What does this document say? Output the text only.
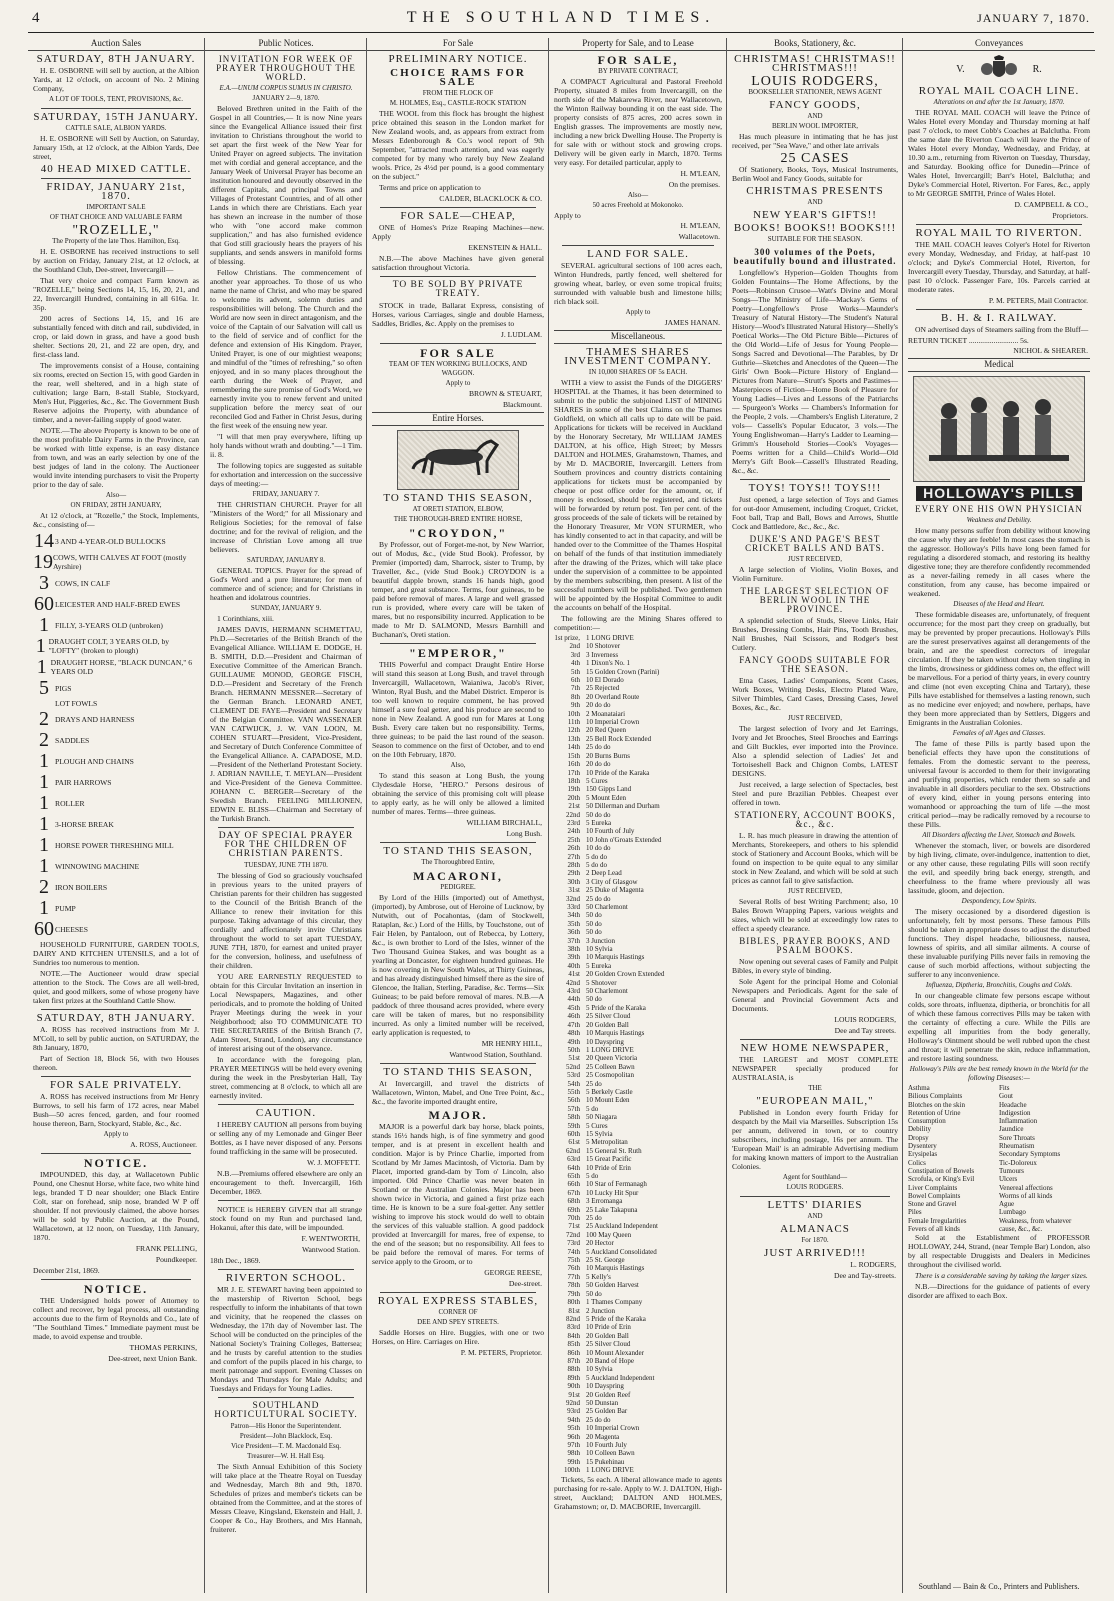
4	THE SOUTHLAND TIMES.	JANUARY 7, 1870.
Auction Sales
SATURDAY, 8TH JANUARY.

H. E. OSBORNE will sell by auction, at the Albion Yards, at 12 o'clock, on account of No. 2 Mining Company,

A LOT OF TOOLS, TENT, PROVISIONS, &c.
SATURDAY, 15TH JANUARY.
CATTLE SALE, ALBION YARDS.

H. E. OSBORNE will Sell by Auction, on Saturday, January 15th, at 12 o'clock, at the Albion Yards, Dee street,

40 HEAD MIXED CATTLE.
FRIDAY, JANUARY 21st, 1870.
IMPORTANT SALE
OF THAT CHOICE AND VALUABLE FARM
"ROZELLE,"
The Property of the late Thos. Hamilton, Esq.

H. E. OSBORNE has received instructions to sell by auction on Friday, January 21st, at 12 o'clock, at the Southland Club, Dee-street, Invercargill—

That very choice and compact Farm known as "ROZELLE," being Sections 14, 15, 16, 20, 21, and 22, Invercargill Hundred, containing in all 616a. 1r. 35p.

200 acres of Sections 14, 15, and 16 are substantially fenced with ditch and rail, subdivided, in crop, or laid down in grass, and have a good bush shelter. Sections 20, 21, and 22 are open, dry, and first-class land.

The improvements consist of a House, containing six rooms, erected on Section 15, with good Garden in the rear, well sheltered, and in a high state of cultivation; large Barn, 8-stall Stable, Stockyard, Men's Hut, Piggeries, &c., &c. The Government Bush Reserve adjoins the Property, with abundance of timber, and a never-failing supply of good water.

NOTE.—The above Property is known to be one of the most profitable Dairy Farms in the Province, can be worked with little expense, is an easy distance from town, and was an early selection by one of the best judges of land in the colony. The Auctioneer would invite intending purchasers to visit the Property prior to the day of sale.

Also—
ON FRIDAY, 28TH JANUARY,

At 12 o'clock, at "Rozelle," the Stock, Implements, &c., consisting of—

14 3 AND 4-YEAR-OLD BULLOCKS
19 COWS, WITH CALVES AT FOOT (mostly Ayrshire)
3 COWS, IN CALF
60 LEICESTER AND HALF-BRED EWES
1 FILLY, 3-YEARS OLD (unbroken)
1 DRAUGHT COLT, 3 YEARS OLD, by "LOFTY" (broken to plough)
1 DRAUGHT HORSE, "BLACK DUNCAN," 6 YEARS OLD
5 PIGS
LOT FOWLS
2 DRAYS AND HARNESS
2 SADDLES
1 PLOUGH AND CHAINS
1 PAIR HARROWS
1 ROLLER
1 3-HORSE BREAK
1 HORSE POWER THRESHING MILL
1 WINNOWING MACHINE
2 IRON BOILERS
1 PUMP
60 CHEESES

HOUSEHOLD FURNITURE, GARDEN TOOLS, DAIRY AND KITCHEN UTENSILS, and a lot of Sundries too numerous to mention.

NOTE.—The Auctioneer would draw special attention to the Stock. The Cows are all well-bred, quiet, and good milkers, some of whose progeny have taken first prizes at the Southland Cattle Show.

SATURDAY, 8TH JANUARY.

A. ROSS has received instructions from Mr J. M'Coll, to sell by public auction, on SATURDAY, the 8th January, 1870,

Part of Section 18, Block 56, with two Houses thereon.

FOR SALE PRIVATELY.

A. ROSS has received instructions from Mr Henry Burrows, to sell his farm of 172 acres, near Mabel Bush—50 acres fenced, garden, and four roomed house thereon, Barn, Stockyard, Stable, &c., &c.

Apply to
A. ROSS, Auctioneer.
NOTICE.

IMPOUNDED, this day, at Wallacetown Public Pound, one Chesnut Horse, white face, two white hind legs, branded T D near shoulder; one Black Entire Colt, star on forehead, snip nose, branded W P off shoulder. If not previously claimed, the above horses will be sold by Public Auction, at the Pound, Wallacetown, at 12 noon, on Tuesday, 11th January, 1870.

FRANK PELLING,
Poundkeeper.
December 21st, 1869.
NOTICE.

THE Undersigned holds power of Attorney to collect and recover, by legal process, all outstanding accounts due to the firm of Reynolds and Co., late of "The Southland Times." Immediate payment must be made, to avoid expense and trouble.

THOMAS PERKINS,
Dee-street, next Union Bank.
Public Notices.
INVITATION FOR WEEK OF PRAYER THROUGHOUT THE WORLD.
E.A.—UNUM CORPUS SUMUS IN CHRISTO.
JANUARY 2—9, 1870.

Beloved Brethren united in the Faith of the Gospel in all Countries,— It is now Nine years since the Evangelical Alliance issued their first invitation to Christians throughout the world to set apart the first week of the New Year for United Prayer on agreed subjects. The invitation met with cordial and general acceptance, and the January Week of Universal Prayer has become an institution honoured and devoutly observed in the different Capitals, and principal Towns and Villages of Protestant Countries, and of all other Lands in which there are Christians. Each year has shewn an increase in the number of those who with "one accord make common supplication," and has also furnished evidence that God still graciously hears the prayers of his suppliants, and sends answers in manifold forms of blessing.

Fellow Christians. The commencement of another year approaches. To those of us who name the name of Christ, and who may be spared to welcome its advent, solemn duties and responsibilities will belong. The Church and the World are now seen in direct antagonism, and the voice of the Captain of our Salvation will call us to the field of service and of conflict for the defence and extension of His Kingdom. Prayer, United Prayer, is one of our mightiest weapons; and mindful of the "times of refreshing," so often enjoyed, and in so many places throughout the earth during the Week of Prayer, and remembering the sure promise of God's Word, we earnestly invite you to renew fervent and united supplication before the mercy seat of our reconciled God and Father in Christ Jesus, during the first week of the ensuing new year.

"I will that men pray everywhere, lifting up holy hands without wrath and doubting."—1 Tim. ii. 8.

The following topics are suggested as suitable for exhortation and intercession on the successive days of meeting:—

FRIDAY, JANUARY 7.

THE CHRISTIAN CHURCH. Prayer for all "Ministers of the Word;" for all Missionary and Religious Societies; for the removal of false doctrine; and for the revival of religion, and the increase of Christian Love among all true believers.

SATURDAY, JANUARY 8.

GENERAL TOPICS. Prayer for the spread of God's Word and a pure literature; for men of commerce and of science; and for Christians in heathen and idolatrous countries.

SUNDAY, JANUARY 9.

1 Corinthians, xiii.

JAMES DAVIS, HERMANN SCHMETTAU, Ph.D.—Secretaries of the British Branch of the Evangelical Alliance. WILLIAM E. DODGE, H. B. SMITH, D.D.—President and Chairman of Executive Committee of the American Branch. GUILLAUME MONOD, GEORGE FISCH, D.D.—President and Secretary of the French Branch. HERMANN MESSNER—Secretary of the German Branch. LEONARD ANET, CLEMENT DE FAYE—President and Secretary of the Belgian Committee. VAN WASSENAER VAN CATWIJCK, J. W. VAN LOON, M. COHEN STUART—President, Vice-President, and Secretary of Dutch Conference Committee of the Evangelical Alliance. A. CAPADOSE, M.D.—President of the Netherland Protestant Society. J. ADRIAN NAVILLE, T. MEYLAN—President and Vice-President of the Geneva Committee. JOHANN C. BERGER—Secretary of the Swedish Branch. FEELING MILLIONEN, EDWIN E. BLISS—Chairman and Secretary of the Turkish Branch.

DAY OF SPECIAL PRAYER FOR THE CHILDREN OF CHRISTIAN PARENTS.
TUESDAY, JUNE 7TH 1870.

The blessing of God so graciously vouchsafed in previous years to the united prayers of Christian parents for their children has suggested to the Council of the British Branch of the Alliance to renew their invitation for this purpose. Taking advantage of this circular, they cordially and affectionately invite Christians throughout the world to set apart TUESDAY, JUNE 7TH, 1870, for earnest and united prayer for the conversion, holiness, and usefulness of their children.

YOU ARE EARNESTLY REQUESTED to obtain for this Circular Invitation an insertion in Local Newspapers, Magazines, and other periodicals, and to promote the holding of United Prayer Meetings during the week in your Neighborhood; also TO COMMUNICATE TO THE SECRETARIES of the British Branch (7, Adam Street, Strand, London), any circumstance of interest arising out of the observance.

In accordance with the foregoing plan, PRAYER MEETINGS will be held every evening during the week in the Presbyterian Hall, Tay street, commencing at 8 o'clock, to which all are earnestly invited.

CAUTION.

I HEREBY CAUTION all persons from buying or selling any of my Lemonade and Ginger Beer Bottles, as I have never disposed of any. Persons found trafficking in the same will be prosecuted.

W. J. MOFFETT.

N.B.—Premiums offered elsewhere are only an encouragement to theft. Invercargill, 16th December, 1869.

NOTICE is HEREBY GIVEN that all strange stock found on my Run and purchased land, Hokanui, after this date, will be impounded.

F. WENTWORTH,
Wantwood Station.
18th Dec., 1869.
RIVERTON SCHOOL.

MR J. E. STEWART having been appointed to the mastership of Riverton School, begs respectfully to inform the inhabitants of that town and vicinity, that he reopened the classes on Wednesday, the 17th day of November last. The School will be conducted on the principles of the National Society's Training Colleges, Battersea; and he trusts by careful attention to the studies and comfort of the pupils placed in his charge, to merit patronage and support. Evening Classes on Mondays and Thursdays for Male Adults; and Tuesdays and Fridays for Young Ladies.

SOUTHLAND HORTICULTURAL SOCIETY.
Patron—His Honor the Superintendent.
President—John Blacklock, Esq.
Vice President—T. M. Macdonald Esq.
Treasurer—W. H. Hall Esq.

The Sixth Annual Exhibition of this Society will take place at the Theatre Royal on Tuesday and Wednesday, March 8th and 9th, 1870. Schedules of prizes and member's tickets can be obtained from the Committee, and at the stores of Messrs Cleave, Kingsland, Ekenstein and Hall, J. Cooper & Co., Hay Brothers, and Mrs Hannah, fruiterer.

For Sale
PRELIMINARY NOTICE.
CHOICE RAMS FOR SALE
FROM THE FLOCK OF
M. HOLMES, Esq., CASTLE-ROCK STATION

THE WOOL from this flock has brought the highest price obtained this season in the London market for New Zealand wools, and, as appears from extract from Messrs Edenborough & Co.'s wool report of 9th September, "attracted much attention, and was eagerly competed for by many who rarely buy New Zealand wools. Price, 2s 4½d per pound, is a good commentary on the subject."

Terms and price on application to

CALDER, BLACKLOCK & CO.
FOR SALE—CHEAP,

ONE of Homes's Prize Reaping Machines—new. Apply

EKENSTEIN & HALL.

N.B.—The above Machines have given general satisfaction throughout Victoria.

TO BE SOLD BY PRIVATE TREATY.

STOCK in trade, Ballarat Express, consisting of Horses, various Carriages, single and double Harness, Saddles, Bridles, &c. Apply on the premises to

J. LUDLAM.
FOR SALE
TEAM OF TEN WORKING BULLOCKS, AND WAGGON.
Apply to
BROWN & STEUART,
Blackmount.
Entire Horses.
TO STAND THIS SEASON,
AT ORETI STATION, ELBOW,
THE THOROUGH-BRED ENTIRE HORSE,
"CROYDON,"

By Professor, out of Forget-me-not, by New Warrior, out of Modus, &c., (vide Stud Book). Professor, by Premier (imported) dam, Sharrock, sister to Trump, by Traveller, &c., (vide Stud Book.) CROYDON is a beautiful dapple brown, stands 16 hands high, good temper, and great substance. Terms, four guineas, to be paid before removal of mares. A large and well grassed run is provided, where every care will be taken of mares, but no responsibility incurred. Application to be made to Mr D. SALMOND, Messrs Barnhill and Buchanan's, Oreti station.

"EMPEROR,"

THIS Powerful and compact Draught Entire Horse will stand this season at Long Bush, and travel through Invercargill, Wallacetown, Waianiwa, Jacob's River, Winton, Ryal Bush, and the Mabel District. Emperor is too well known to require comment, he has proved himself a sure foal getter, and his produce are second to none in New Zealand. A good run for Mares at Long Bush. Every care taken but no responsibility. Terms, three guineas; to be paid the last round of the season. Season to commence on the first of October, and to end on the 10th February, 1870.

Also,

To stand this season at Long Bush, the young Clydesdale Horse, "HERO." Persons desirous of obtaining the service of this promising colt will please to apply early, as he will only be allowed a limited number of mares. Terms—three guineas.

WILLIAM BIRCHALL,
Long Bush.
TO STAND THIS SEASON,
The Thoroughbred Entire,
MACARONI,
PEDIGREE.

By Lord of the Hills (imported) out of Amethyst, (imported), by Ambrose, out of Heroine of Lucknow, by Nutwith, out of Pocahontas, (dam of Stockwell, Rataplan, &c.) Lord of the Hills, by Touchstone, out of Fair Helen, by Pantaloon, out of Rebecca, by Lottery, &c., is own brother to Lord of the Isles, winner of the Two Thousand Guinea Stakes, and was bought as a yearling at Doncaster, for eighteen hundred guineas. He is now covering in New South Wales, at Thirty Guineas, and has already distinguished himself there as the sire of Glencoe, the Italian, Sterling, Paradise, &c. Terms—Six Guineas; to be paid before removal of mares. N.B.—A paddock of three thousand acres provided, where every care will be taken of mares, but no responsibility incurred. As only a limited number will be received, early application is requested, to

MR HENRY HILL,
Wantwood Station, Southland.
TO STAND THIS SEASON,

At Invercargill, and travel the districts of Wallacetown, Winton, Mabel, and One Tree Point, &c., &c., the favorite imported draught entire,

MAJOR.

MAJOR is a powerful dark bay horse, black points, stands 16½ hands high, is of fine symmetry and good temper, and is at present in excellent health and condition. Major is by Prince Charlie, imported from Scotland by Mr James Macintosh, of Victoria. Dam by Placet, imported grand-dam by Tom o' Lincoln, also imported. Old Prince Charlie was never beaten in Scotland or the Australian Colonies. Major has been shown twice in Victoria, and gained a first prize each time. He is known to be a sure foal-getter. Any settler wishing to improve his stock would do well to obtain the services of this valuable stallion. A good paddock provided at Invercargill for mares, free of expense, to the end of the season; but no responsibility. All fees to be paid before the removal of mares. For terms of service apply to the Groom, or to

GEORGE REESE,
Dee-street.
ROYAL EXPRESS STABLES,
CORNER OF
DEE AND SPEY STREETS.

Saddle Horses on Hire. Buggies, with one or two Horses, on Hire. Carriages on Hire.

P. M. PETERS, Proprietor.
Property for Sale, and to Lease
FOR SALE,
BY PRIVATE CONTRACT,

A COMPACT Agricultural and Pastoral Freehold Property, situated 8 miles from Invercargill, on the north side of the Makarewa River, near Wallacetown, the Winton Railway bounding it on the east side. The property consists of 875 acres, 200 acres sown in English grasses. The improvements are mostly new, including a new brick Dwelling House. The Property is for sale with or without stock and growing crops. Delivery will be given early in March, 1870. Terms very easy. For detailed particular, apply to

H. M'LEAN,
On the premises.
Also—
50 acres Freehold at Mokonoko.
Apply to
H. M'LEAN,
Wallacetown.
LAND FOR SALE.

SEVERAL agricultural sections of 100 acres each, Winton Hundreds, partly fenced, well sheltered for growing wheat, barley, or even some tropical fruits; surrounded with valuable bush and limestone hills; rich black soil.

Apply to
JAMES HANAN.
Miscellaneous.
THAMES SHARES INVESTMENT COMPANY.
IN 10,000 SHARES OF 5s EACH.

WITH a view to assist the Funds of the DIGGERS' HOSPITAL at the Thames, it has been determined to submit to the public the subjoined LIST of MINING SHARES in some of the best Claims on the Thames Goldfield, on which all calls up to date will be paid. Applications for tickets will be received in Auckland by the Honorary Secretary, Mr WILLIAM JAMES DALTON, at his office, High Street; by Messrs DALTON and HOLMES, Grahamstown, Thames, and by Mr D. MACBORIE, Invercargill. Letters from Southern provinces and country districts containing applications for tickets must be accompanied by cheque or post office order for the amount, or, if money is enclosed, should be registered, and tickets will be forwarded by return post. Ten per cent. of the gross proceeds of the sale of tickets will be retained by the Honorary Treasurer, Mr VON STURMER, who has kindly consented to act in that capacity, and will be handed over to the Committee of the Thames Hospital on behalf of the funds of that institution immediately after the drawing of the Prizes, which will take place under the supervision of a committee to be appointed by the members subscribing, then present. A list of the successful numbers will be published. Two gentlemen will be appointed by the Hospital Committee to audit the accounts on behalf of the Hospital.

The following are the Mining Shares offered to competition:—

1st prize, 1 LONG DRIVE
2nd 10 Shotover
3rd 3 Inverness
4th 1 Dixon's No. 1
5th 15 Golden Crown (Parini)
6th 10 El Dorado
7th 25 Rejected
8th 20 Overland Route
9th 20 do do
10th 2 Moanataiari
11th 10 Imperial Crown
12th 20 Red Queen
13th 25 Bell Rock Extended
14th 25 do do
15th 20 Burns Burns
16th 20 do do
17th 10 Pride of the Karaka
18th 5 Cures
19th 150 Gipps Land
20th 5 Mount Eden
21st 50 Dillerman and Durham
22nd 50 do do
23rd 5 Eureka
24th 10 Fourth of July
25th 10 John o'Groats Extended
26th 10 do do
27th 5 do do
28th 5 do do
29th 2 Deep Lead
30th 3 City of Glasgow
31st 25 Duke of Magenta
32nd 25 do do
33rd 50 Charlemont
34th 50 do
35th 50 do
36th 50 do
37th 3 Junction
38th 10 Sylvia
39th 10 Marquis Hastings
40th 5 Eureka
41st 20 Golden Crown Extended
42nd 5 Shotover
43rd 50 Charlemont
44th 50 do
45th 5 Pride of the Karaka
46th 25 Silver Cloud
47th 20 Golden Ball
48th 10 Marquis Hastings
49th 10 Dayspring
50th 1 LONG DRIVE
51st 20 Queen Victoria
52nd 25 Colleen Bawn
53rd 25 Cosmopolitan
54th 25 do
55th 5 Berkely Castle
56th 10 Mount Eden
57th 5 do
58th 50 Niagara
59th 5 Cures
60th 15 Sylvia
61st 5 Metropolitan
62nd 15 General St. Ruth
63rd 15 Great Pacific
64th 10 Pride of Erin
65th 5 do
66th 10 Star of Fermanagh
67th 10 Lucky Hit Spur
68th 3 Erromanga
69th 25 Lake Takapuna
70th 25 do
71st 25 Auckland Independent
72nd 100 May Queen
73rd 20 Hector
74th 5 Auckland Consolidated
75th 25 St. George
76th 10 Marquis Hastings
77th 5 Kelly's
78th 50 Golden Harvest
79th 50 do
80th 1 Thames Company
81st 2 Junction
82nd 5 Pride of the Karaka
83rd 10 Pride of Erin
84th 20 Golden Ball
85th 25 Silver Cloud
86th 10 Mount Alexander
87th 20 Band of Hope
88th 10 Sylvia
89th 5 Auckland Independent
90th 10 Dayspring
91st 20 Golden Reef
92nd 50 Dunstan
93rd 25 Golden Bar
94th 25 do do
95th 10 Imperial Crown
96th 20 Magenta
97th 10 Fourth July
98th 10 Colleen Bawn
99th 15 Pukehinau
100th 1 LONG DRIVE

Tickets, 5s each. A liberal allowance made to agents purchasing for re-sale. Apply to W. J. DALTON, High-street, Auckland; DALTON AND HOLMES, Grahamstown; or, D. MACBORIE, Invercargill.

Books, Stationery, &c.
CHRISTMAS! CHRISTMAS!! CHRISTMAS!!!
LOUIS RODGERS,
BOOKSELLER STATIONER, NEWS AGENT
FANCY GOODS,
AND
BERLIN WOOL IMPORTER,

Has much pleasure in intimating that he has just received, per "Sea Wave," and other late arrivals

25 CASES

Of Stationery, Books, Toys, Musical Instruments, Berlin Wool and Fancy Goods, suitable for

CHRISTMAS PRESENTS
AND
NEW YEAR'S GIFTS!!
BOOKS! BOOKS!! BOOKS!!!
SUITABLE FOR THE SEASON.
300 volumes of the Poets, beautifully bound and illustrated.

Longfellow's Hyperion—Golden Thoughts from Golden Fountains—The Home Affections, by the Poets—Robinson Crusoe—Watt's Divine and Moral Songs—The Ministry of Life—Mackay's Gems of Poetry—Longfellow's Prose Works—Maunder's Treasury of Natural History—The Student's Natural History—Wood's Illustrated Natural History—Shelly's Poetical Works—The Old Picture Bible—Pictures of the Old World—Life of Jesus for Young People—Songs Sacred and Devotional—The Parables, by Dr Guthrie—Sketches and Anecdotes of the Queen—The Girls' Own Book—Picture History of England—Pictures from Nature—Strutt's Sports and Pastimes—Masterpieces of Fiction—Home Book of Pleasure for Young Ladies—Lives and Lessons of the Patriarchs — Spurgeon's Works — Chambers's Information for the People, 2 vols. —Chambers's English Literature, 2 vols— Cassells's Popular Educator, 3 vols.—The Young Englishwoman—Harry's Ladder to Learning—Grimm's Household Stories—Cook's Voyages—Poems written for a Child—Child's World—Old Merry's Gift Book—Cassell's Illustrated Reading, &c., &c.

TOYS! TOYS!! TOYS!!!

Just opened, a large selection of Toys and Games for out-door Amusement, including Croquet, Cricket, Foot ball, Trap and Ball, Bows and Arrows, Shuttle Cock and Battledore, &c., &c., &c.

DUKE'S AND PAGE'S BEST CRICKET BALLS AND BATS.
JUST RECEIVED,

A large selection of Violins, Violin Boxes, and Violin Furniture.

THE LARGEST SELECTION OF BERLIN WOOL IN THE PROVINCE.

A splendid selection of Studs, Sleeve Links, Hair Brushes, Dressing Combs, Hair Pins, Tooth Brushes, Nail Brushes, Nail Scissors, and Rodger's best Cutlery.

FANCY GOODS SUITABLE FOR THE SEASON.

Etna Cases, Ladies' Companions, Scent Cases, Work Boxes, Writing Desks, Electro Plated Ware, Silver Thimbles, Card Cases, Dressing Cases, Jewel Boxes, &c., &c.

JUST RECEIVED,

The largest selection of Ivory and Jet Earrings, Ivory and Jet Brooches, Steel Brooches and Earrings and Gilt Buckles, ever imported into the Province. Also a splendid selection of Ladies' Jet and Tortoiseshell Back and Chignon Combs, LATEST DESIGNS.

Just received, a large selection of Spectacles, best Steel and pure Brazilian Pebbles. Cheapest ever offered in town.

STATIONERY, ACCOUNT BOOKS, &c., &c.

L. R. has much pleasure in drawing the attention of Merchants, Storekeepers, and others to his splendid stock of Stationery and Account Books, which will be found on inspection to be quite equal to any similar stock in New Zealand, and which will be sold at such prices as cannot fail to give satisfaction.

JUST RECEIVED,

Several Rolls of best Writing Parchment; also, 10 Bales Brown Wrapping Papers, various weights and sizes, which will be sold at exceedingly low rates to effect a speedy clearance.

BIBLES, PRAYER BOOKS, AND PSALM BOOKS.

Now opening out several cases of Family and Pulpit Bibles, in every style of binding.

Sole Agent for the principal Home and Colonial Newspapers and Periodicals. Agent for the sale of General and Provincial Government Acts and Documents.

LOUIS RODGERS,
Dee and Tay streets.
NEW HOME NEWSPAPER,

THE LARGEST and MOST COMPLETE NEWSPAPER specially produced for AUSTRALASIA, is

THE
"EUROPEAN MAIL,"

Published in London every fourth Friday for despatch by the Mail via Marseilles. Subscription 15s per annum, delivered in town, or to country subscribers, including postage, 16s per annum. The 'European Mail' is an admirable Advertising medium for making known matters of import to the Australian Colonies.

Agent for Southland—
LOUIS RODGERS.
LETTS' DIARIES
AND
ALMANACS
For 1870.
JUST ARRIVED!!!
L. RODGERS,
Dee and Tay-streets.
Conveyances
V.	R.
ROYAL MAIL COACH LINE.
Alterations on and after the 1st January, 1870.

THE ROYAL MAIL COACH will leave the Prince of Wales Hotel every Monday and Thursday morning at half past 7 o'clock, to meet Cobb's Coaches at Balclutha. From the same date the Riverton Coach will leave the Prince of Wales Hotel every Monday, Wednesday, and Friday, at 10.30 a.m., returning from Riverton on Tuesday, Thursday, and Saturday. Booking office for Dunedin—Prince of Wales Hotel, Invercargill; Barr's Hotel, Balclutha; and Dyke's Commercial Hotel, Riverton. For Fares, &c., apply to Mr GEORGE SMITH, Prince of Wales Hotel.

D. CAMPBELL & CO.,
Proprietors.
ROYAL MAIL TO RIVERTON.

THE MAIL COACH leaves Colyer's Hotel for Riverton every Monday, Wednesday, and Friday, at half-past 10 o'clock; and Dyke's Commercial Hotel, Riverton, for Invercargill every Tuesday, Thursday, and Saturday, at half-past 10 o'clock. Passenger Fare, 10s. Parcels carried at moderate rates.

P. M. PETERS, Mail Contractor.
B. H. & I. RAILWAY.

ON advertised days of Steamers sailing from the Bluff—

RETURN TICKET .......................... 5s.
NICHOL & SHEARER.
Medical
HOLLOWAY'S PILLS
EVERY ONE HIS OWN PHYSICIAN
Weakness and Debility.

How many persons suffer from debility without knowing the cause why they are feeble! In most cases the stomach is the aggressor. Holloway's Pills have long been famed for regulating a disordered stomach, and restoring its healthy digestive tone; they are therefore confidently recommended as a never-failing remedy in all cases where the constitution, from any cause, has become impaired or weakened.

Diseases of the Head and Heart.

These formidable diseases are, unfortunately, of frequent occurrence; for the most part they creep on gradually, but may be prevented by proper precautions. Holloway's Pills are the surest preservatives against all derangements of the brain, and are the speediest correctors of irregular circulation. If they be taken without delay when tingling in the limbs, drowsiness or giddiness comes on, the effect will be marvellous. For a period of thirty years, in every country and clime (not even excepting China and Tartary), these Pills have established for themselves a lasting renown, such as no medicine ever enjoyed; and nowhere, perhaps, have they been more appreciated than by Settlers, Diggers and Emigrants in the Australian Colonies.

Females of all Ages and Classes.

The fame of these Pills is partly based upon the beneficial effects they have upon the constitutions of females. From the domestic servant to the peeress, universal favour is accorded to them for their invigorating and purifying properties, which render them so safe and invaluable in all disorders peculiar to the sex. Obstructions of every kind, either in young persons entering into womanhood or approaching the turn of life —the most critical period—may be radically removed by a recourse to these Pills.

All Disorders affecting the Liver, Stomach and Bowels.

Whenever the stomach, liver, or bowels are disordered by high living, climate, over-indulgence, inattention to diet, or any other cause, these regulating Pills will soon rectify the evil, and speedily bring back energy, strength, and cheerfulness to the frame where previously all was lassitude, gloom, and dejection.

Despondency, Low Spirits.

The misery occasioned by a disordered digestion is unfortunately, felt by most persons. These famous Pills should be taken in appropriate doses to adjust the disturbed functions. They dispel headache, biliousness, nausea, lowness of spirits, and all similar ailments. A course of these invaluable purifying Pills never fails in removing the cause of such morbid affections, without subjecting the sufferer to any inconvenience.

Influenza, Diptheria, Bronchitis, Coughs and Colds.

In our changeable climate few persons escape without colds, sore throats, influenza, diptheria, or bronchitis for all of which these famous correctives Pills may be taken with the certainty of effecting a cure. While the Pills are expelling all impurities from the body generally, Holloway's Ointment should be well rubbed upon the chest and throat; it will penetrate the skin, reduce inflammation, and restore lasting soundness.

Holloway's Pills are the best remedy known in the World for the following Diseases:—
Asthma	Fits
Bilious Complaints	Gout
Blotches on the skin	Headache
Retention of Urine	Indigestion
Consumption	Inflammation
Debility	Jaundice
Dropsy	Sore Throats
Dysentery	Rheumatism
Erysipelas	Secondary Symptoms
Colics	Tic-Doloreux
Constipation of Bowels	Tumours
Scrofula, or King's Evil	Ulcers
Liver Complaints	Venereal affections
Bowel Complaints	Worms of all kinds
Stone and Gravel	Ague
Piles	Lumbago
Female Irregularities	Weakness, from whatever
Fevers of all kinds	cause, &c., &c.

Sold at the Establishment of PROFESSOR HOLLOWAY, 244, Strand, (near Temple Bar) London, also by all respectable Druggists and Dealers in Medicines throughout the civilised world.

There is a considerable saving by taking the larger sizes.

N.B.—Directions for the guidance of patients of every disorder are affixed to each Box.

Southland — Bain & Co., Printers and Publishers.
